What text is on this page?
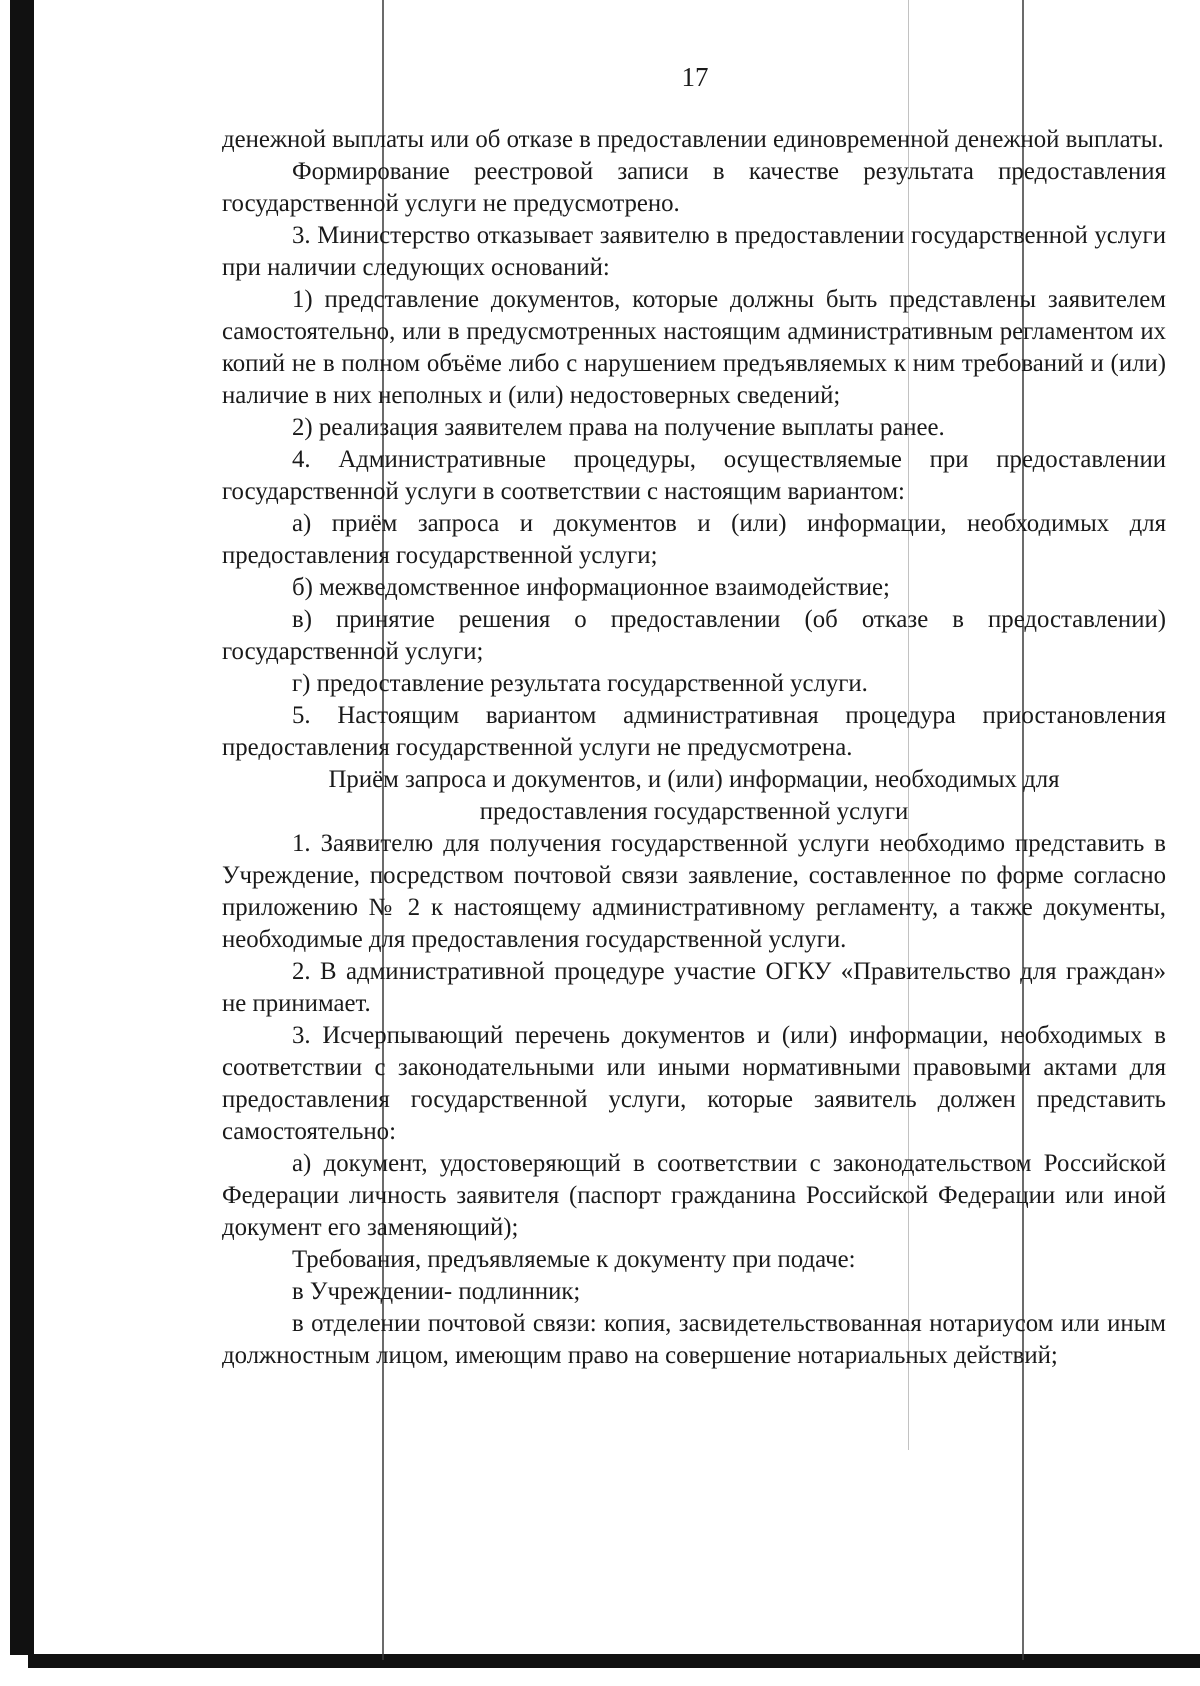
17

денежной выплаты или об отказе в предоставлении единовременной денежной выплаты.

Формирование реестровой записи в качестве результата предоставления государственной услуги не предусмотрено.

3. Министерство отказывает заявителю в предоставлении государственной услуги при наличии следующих оснований:

1) представление документов, которые должны быть представлены заявителем самостоятельно, или в предусмотренных настоящим административным регламентом их копий не в полном объёме либо с нарушением предъявляемых к ним требований и (или) наличие в них неполных и (или) недостоверных сведений;

2) реализация заявителем права на получение выплаты ранее.

4. Административные процедуры, осуществляемые при предоставлении государственной услуги в соответствии с настоящим вариантом:

а) приём запроса и документов и (или) информации, необходимых для предоставления государственной услуги;

б) межведомственное информационное взаимодействие;

в) принятие решения о предоставлении (об отказе в предоставлении) государственной услуги;

г) предоставление результата государственной услуги.

5. Настоящим вариантом административная процедура приостановления предоставления государственной услуги не предусмотрена.

Приём запроса и документов, и (или) информации, необходимых для предоставления государственной услуги

1. Заявителю для получения государственной услуги необходимо представить в Учреждение, посредством почтовой связи заявление, составленное по форме согласно приложению № 2 к настоящему административному регламенту, а также документы, необходимые для предоставления государственной услуги.

2. В административной процедуре участие ОГКУ «Правительство для граждан» не принимает.

3. Исчерпывающий перечень документов и (или) информации, необходимых в соответствии с законодательными или иными нормативными правовыми актами для предоставления государственной услуги, которые заявитель должен представить самостоятельно:

а) документ, удостоверяющий в соответствии с законодательством Российской Федерации личность заявителя (паспорт гражданина Российской Федерации или иной документ его заменяющий);

Требования, предъявляемые к документу при подаче:

в Учреждении- подлинник;

в отделении почтовой связи: копия, засвидетельствованная нотариусом или иным должностным лицом, имеющим право на совершение нотариальных действий;
